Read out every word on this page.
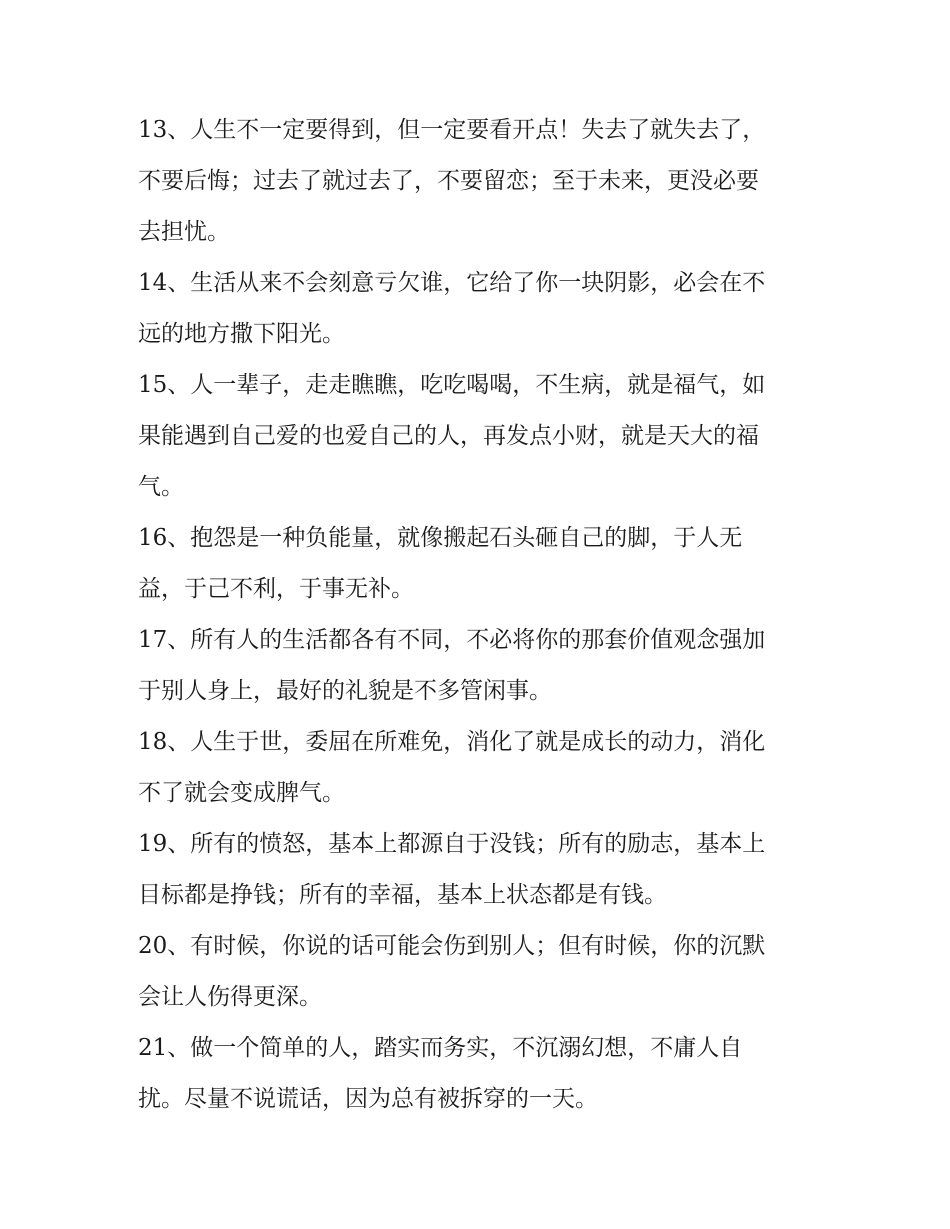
13、人生不一定要得到，但一定要看开点！失去了就失去了，
不要后悔；过去了就过去了，不要留恋；至于未来，更没必要
去担忧。
14、生活从来不会刻意亏欠谁，它给了你一块阴影，必会在不
远的地方撒下阳光。
15、人一辈子，走走瞧瞧，吃吃喝喝，不生病，就是福气，如
果能遇到自己爱的也爱自己的人，再发点小财，就是天大的福
气。
16、抱怨是一种负能量，就像搬起石头砸自己的脚，于人无
益，于己不利，于事无补。
17、所有人的生活都各有不同，不必将你的那套价值观念强加
于别人身上，最好的礼貌是不多管闲事。
18、人生于世，委屈在所难免，消化了就是成长的动力，消化
不了就会变成脾气。
19、所有的愤怒，基本上都源自于没钱；所有的励志，基本上
目标都是挣钱；所有的幸福，基本上状态都是有钱。
20、有时候，你说的话可能会伤到别人；但有时候，你的沉默
会让人伤得更深。
21、做一个简单的人，踏实而务实，不沉溺幻想，不庸人自
扰。尽量不说谎话，因为总有被拆穿的一天。
